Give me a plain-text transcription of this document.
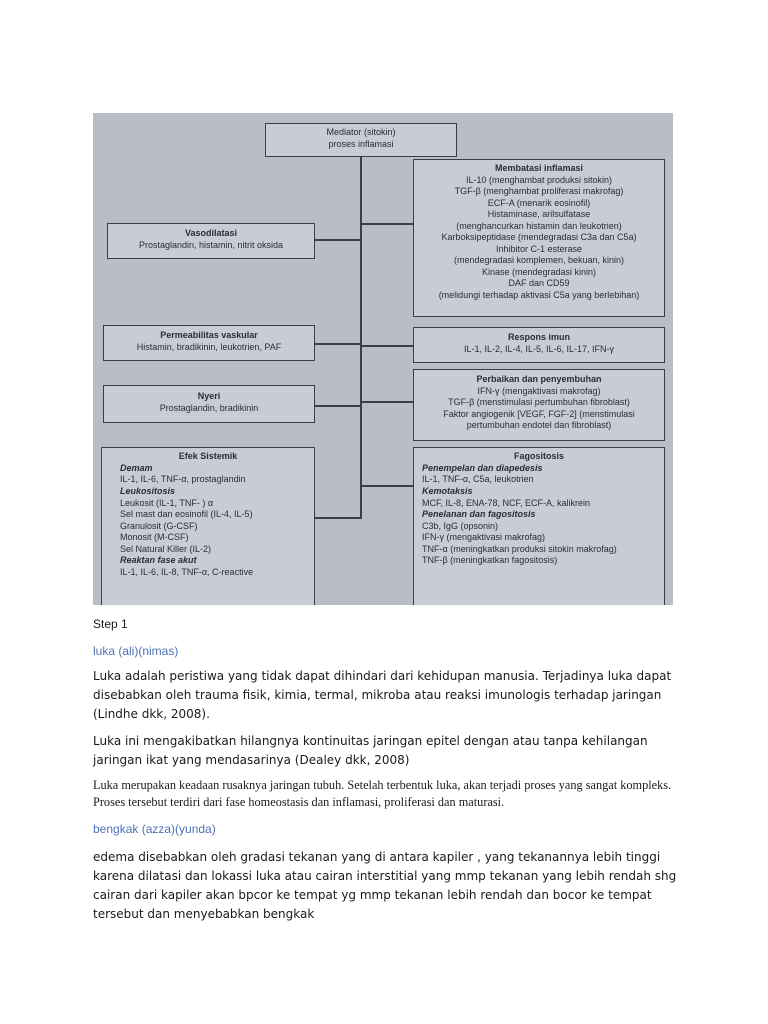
Mediator (sitokin)
proses inflamasi
Membatasi inflamasi
IL-10 (menghambat produksi sitokin)
TGF-β (menghambat proliferasi makrofag)
ECF-A (menarik eosinofil)
Histaminase, arilsulfatase
(menghancurkan histamin dan leukotrien)
Karboksipeptidase (mendegradasi C3a dan C5a)
Inhibitor C-1 esterase
(mendegradasi komplemen, bekuan, kinin)
Kinase (mendegradasi kinin)
DAF dan CD59
(melidungi terhadap aktivasi C5a yang berlebihan)
Vasodilatasi
Prostaglandin, histamin, nitrit oksida
Permeabilitas vaskular
Histamin, bradikinin, leukotrien, PAF
Respons imun
IL-1, IL-2, IL-4, IL-5, IL-6, IL-17, IFN-γ
Nyeri
Prostaglandin, bradikinin
Perbaikan dan penyembuhan
IFN-γ (mengaktivasi makrofag)
TGF-β (menstimulasi pertumbuhan fibroblast)
Faktor angiogenik [VEGF, FGF-2] (menstimulasi
pertumbuhan endotel dan fibroblast)
Efek Sistemik
Demam
IL-1, IL-6, TNF-α, prostaglandin
Leukositosis
Leukosit (IL-1, TNF- ) α
Sel mast dan eosinofil (IL-4, IL-5)
Granulosit (G-CSF)
Monosit (M-CSF)
Sel Natural Killer (IL-2)
Reaktan fase akut
IL-1, IL-6, IL-8, TNF-α, C-reactive
Fagositosis
Penempelan dan diapedesis
IL-1, TNF-α, C5a, leukotrien
Kemotaksis
MCF, IL-8, ENA-78, NCF, ECF-A, kalikrein
Penelanan dan fagositosis
C3b, IgG (opsonin)
IFN-γ (mengaktivasi makrofag)
TNF-α (meningkatkan produksi sitokin makrofag)
TNF-β (meningkatkan fagositosis)
Step 1
luka (ali)(nimas)
Luka adalah peristiwa yang tidak dapat dihindari dari kehidupan manusia. Terjadinya luka dapat disebabkan oleh trauma fisik, kimia, termal, mikroba atau reaksi imunologis terhadap jaringan (Lindhe dkk, 2008).
Luka ini mengakibatkan hilangnya kontinuitas jaringan epitel dengan atau tanpa kehilangan jaringan ikat yang mendasarinya (Dealey dkk, 2008)
Luka merupakan keadaan rusaknya jaringan tubuh. Setelah terbentuk luka, akan terjadi proses yang sangat kompleks. Proses tersebut terdiri dari fase homeostasis dan inflamasi, proliferasi dan maturasi.
bengkak (azza)(yunda)
edema disebabkan oleh gradasi tekanan yang di antara kapiler , yang tekanannya lebih tinggi karena dilatasi dan lokassi luka atau cairan interstitial yang mmp tekanan yang lebih rendah shg cairan dari kapiler akan bpcor ke tempat yg mmp tekanan lebih rendah dan bocor ke tempat tersebut dan menyebabkan bengkak
